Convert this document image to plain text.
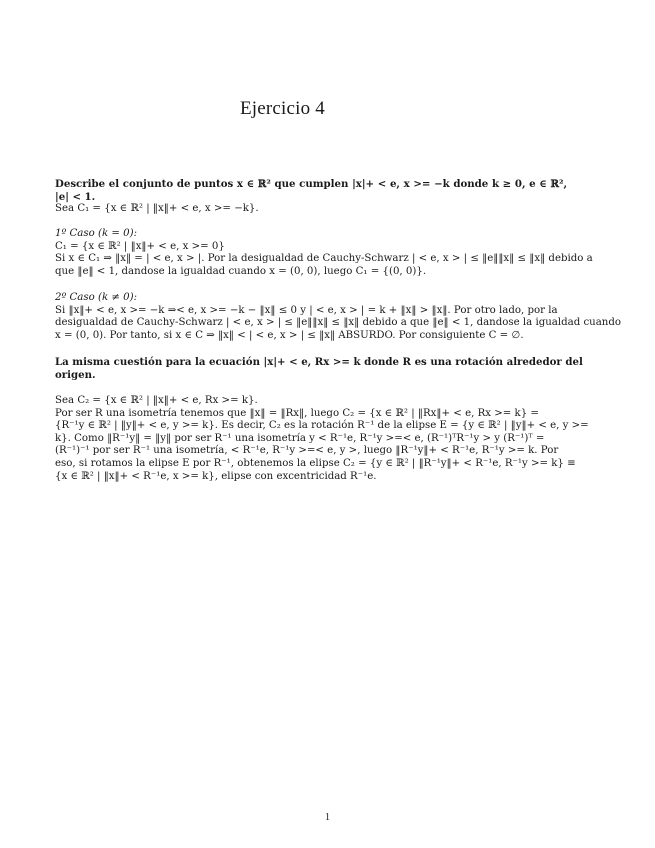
Ejercicio 4

Describe el conjunto de puntos x ∈ ℝ² que cumplen |x|+ < e, x >= −k donde k ≥ 0, e ∈ ℝ², |e| < 1.

Sea C₁ = {x ∈ ℝ² | ‖x‖+ < e, x >= −k}.

1º Caso (k = 0):
C₁ = {x ∈ ℝ² | ‖x‖+ < e, x >= 0}
Si x ∈ C₁ ⇒ ‖x‖ = | < e, x > |. Por la desigualdad de Cauchy-Schwarz | < e, x > | ≤ ‖e‖‖x‖ ≤ ‖x‖ debido a
que ‖e‖ < 1, dandose la igualdad cuando x = (0, 0), luego C₁ = {(0, 0)}.
2º Caso (k ≠ 0):
Si ‖x‖+ < e, x >= −k ⇒< e, x >= −k − ‖x‖ ≤ 0 y | < e, x > | = k + ‖x‖ > ‖x‖. Por otro lado, por la
desigualdad de Cauchy-Schwarz | < e, x > | ≤ ‖e‖‖x‖ ≤ ‖x‖ debido a que ‖e‖ < 1, dandose la igualdad cuando
x = (0, 0). Por tanto, si x ∈ C ⇒ ‖x‖ < | < e, x > | ≤ ‖x‖ ABSURDO. Por consiguiente C = ∅.
La misma cuestión para la ecuación |x|+ < e, Rx >= k donde R es una rotación alrededor del
origen.
Sea C₂ = {x ∈ ℝ² | ‖x‖+ < e, Rx >= k}.
Por ser R una isometría tenemos que ‖x‖ = ‖Rx‖, luego C₂ = {x ∈ ℝ² | ‖Rx‖+ < e, Rx >= k} =
{R⁻¹y ∈ ℝ² | ‖y‖+ < e, y >= k}. Es decir, C₂ es la rotación R⁻¹ de la elipse E = {y ∈ ℝ² | ‖y‖+ < e, y >=
k}. Como ‖R⁻¹y‖ = ‖y‖ por ser R⁻¹ una isometría y < R⁻¹e, R⁻¹y >=< e, (R⁻¹)ᵀR⁻¹y > y (R⁻¹)ᵀ =
(R⁻¹)⁻¹ por ser R⁻¹ una isometría, < R⁻¹e, R⁻¹y >=< e, y >, luego ‖R⁻¹y‖+ < R⁻¹e, R⁻¹y >= k. Por
eso, si rotamos la elipse E por R⁻¹, obtenemos la elipse C₂ = {y ∈ ℝ² | ‖R⁻¹y‖+ < R⁻¹e, R⁻¹y >= k} ≡
{x ∈ ℝ² | ‖x‖+ < R⁻¹e, x >= k}, elipse con excentricidad R⁻¹e.
1
